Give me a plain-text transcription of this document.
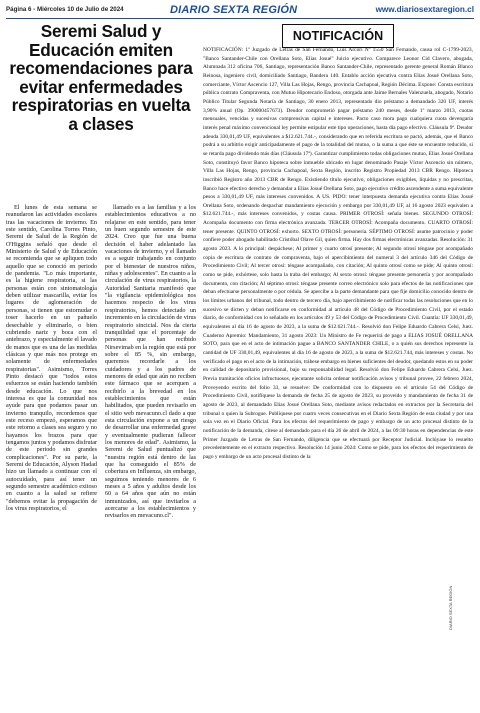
Página 6 - Miércoles 10 de Julio de 2024	DIARIO SEXTA REGIÓN	www.diariosextaregion.cl
Seremi Salud y Educación emiten recomendaciones para evitar enfermedades respiratorias en vuelta a clases

El lunes de esta semana se reanudaron las actividades escolares tras las vacaciones de invierno. En este sentido, Carolina Torres Pinto, Seremi de Salud de la Región de O'Higgins señaló que desde el Ministerio de Salud y de Educación se recomienda que se apliquen todo aquello que se conoció en periodo de pandemia. "Lo más importante, es la higiene respiratoria, si las personas están con sintomatología deben utilizar mascarilla, evitar los lugares de aglomeración de personas, si tienen que estornudar o toser hacerlo en un pañuelo desechable y eliminarlo, o bien cubriendo nariz y boca con el antebrazo, y especialmente el lavado de manos que es una de las medidas clásicas y que más nos protege en solamente de enfermedades respiratorias". Asimismo, Torres Pinto destacó que "todos estos esfuerzos se están haciendo también desde educación. Lo que nos interesa es que la comunidad nos ayude para que podamos pasar un invierno tranquilo, recordemos que este receso empezó, esperamos que este retorno a clases sea seguro y no hayamos los brazos para que tengamos juntos y podamos disfrutar de este periodo sin grandes complicaciones". Por su parte, la Seremi de Educación, Alyson Hadad hizo un llamado a continuar con el autocuidado, para así tener un segundo semestre académico exitoso en cuanto a la salud se refiere "debemos evitar la propagación de los virus respiratorios, el

llamado es a las familias y a los establecimientos educativos a no relajarse en este sentido, para tener un buen segundo semestre de este 2024. Creo que fue una buena decisión el haber adelantado las vacaciones de invierno, y el llamado es a seguir trabajando en conjunto por el bienestar de nuestros niños, niñas y adolescentes". En cuanto a la circulación de virus respiratorios, la Autoridad Sanitaria manifestó que "la vigilancia epidemiológica nos hacemos respecto de los virus respiratorios, hemos detectado un incremento en la circulación de virus respiratorio sincicial. Nos da cierta tranquilidad que el porcentaje de personas que han recibido Nirsevimab en la región que está por sobre el 85 %, sin embargo, queremos recordarle a los cuidadores y a los padres de menores de edad que aún no reciben este fármaco que se acerquen a recibirlo a la brevedad en los establecimientos que están habilitados, que pueden revisarlo en el sitio web mevacuno.cl dado a que esta circulación expone a un riesgo de desarrollar una enfermedad grave y eventualmente pudieran fallecer los menores de edad". Asimismo, la Seremi de Salud puntualizó que "nuestra región está dentro de las que ha conseguido el 85% de cobertura en Influenza, sin embargo, seguimos teniendo menores de 6 meses a 5 años y adultos desde los 60 a 64 años que aún no están inmunizados, así que invitarlos a acercarse a los establecimientos y revisarlos en mevacuno.cl".

NOTIFICACIÓN

NOTIFICACIÓN: 1º Juzgado de Letras de San Fernando, Luis Arcori Nº 1550 San Fernando, causa rol C-1799-2023, "Banco Santander-Chile con Orellana Soto, Elias Josué" Juicio ejecutivo. Comparece Leonor Cid Clavero, abogada, Alumnada 312 oficina 706, Santiago, representación Banco Santander-Chile, representado gerente general Román Blanco Reinosa, ingeniero civil, domiciliado Santiago, Bandera 140. Entablo acción ejecutiva contra Elias Josué Orellana Soto, comerciante, Víctor Ascencio 127, Villa Las Hojas, Rengo, provincia Cachapoal, Región Décima. Expone: Consta escritura pública contrato Compraventa, con Mutuo Hipotecario Endoso, otorgada ante Jaime Bernales Valenzuela, abogado, Notario Público Titular Segunda Notaría de Santiago, 30 enero 2013, representado dio préstamo a demandado 320 UF, interés 3,90% anual (Op. 390000457673). Deudor comprometió pagar préstamo 240 meses, desde 1º marzo 2013, cuotas mensuales, vencidas y sucesivas comprensivas capital e intereses. Pacto caso mora pago cualquiera cuota devengaría interés penal máximo convencional ley permite estipular este tipo operaciones, hasta día pago efectivo. Cláusula 9ª. Deudor adeuda 330,01,49 UF, equivalentes a $12.621.744.-, considerando que en referida escritura se pactó, además, que el Banco podrá a su arbitrio exigir anticipadamente el pago de la totalidad del mutuo, o la suma a que éste se encuentre reducido, si se retarda pago dividendo más días (Cláusula 17ª). Garantizar cumplimiento todas obligaciones mutuo, Elias Josué Orellana Soto, constituyó favor Banco hipoteca sobre inmueble ubicado en lugar denominado Pasaje Víctor Ascencio sin número, Villa Las Hojas, Rengo, provincia Cachapoal, Sexta Región, inscrito Registro Propiedad 2013 CBR Rengo. Hipoteca inscribió Registro año 2013 CBR de Rengo. Existiendo título ejecutivo, obligaciones exigibles, líquidas y no prescritas, Banco hace efectivo derecho y demandar a Elias Josué Orellana Soto, pago ejecutivo crédito ascendente a suma equivalente pesos a 330,01,49 UF, más intereses convenidos. A US. PIDO: tener interpuesta demanda ejecutiva contra Elias Josué Orellana Soto, ordenando despachar mandamiento ejecución y embargo por 330,01,49 UF, al 16 agosto 2023 equivalen a $12.621.744.-, más intereses convenidos, y costas causa. PRIMER OTROSÍ: señala bienes. SEGUNDO OTROSÍ: Acompaña documento con firma electrónica avanzada. TERCER OTROSÍ: Acompaña documento. CUARTO OTROSÍ: tener presente. QUINTO OTROSÍ: exhorto. SEXTO OTROSÍ: personería. SÉPTIMO OTROSÍ: asume patrocinio y poder confiere poder abogado habilitado Cristóbal Olave Gil, quien firma. Hay dos firmas electrónicas avanzadas. Resolución: 31 agosto 2023. A lo principal: despáchese; Al primer y cuarto otrosí presente; Al segundo otrosí téngase por acompañado copia de escritura de contrato de compraventa, bajo el apercibimiento del numeral 3 del artículo 346 del Código de Procedimiento Civil; Al tercer otrosí: téngase acompañado, con citación; Al quinto otrosí como se pide; Al quinto otrosí: como se pide, exhórtese, solo hasta la traba del embargo; Al sexto otrosí: téngase presente personería y por acompañado documento, con citación; Al séptimo otrosí: téngase presente correo electrónico solo para efectos de las notificaciones que deban efectuarse personalmente o por cédula. Se apercibe a la parte demandante para que fije domicilio conocido dentro de los límites urbanos del tribunal, todo dentro de tercero día, bajo apercibimiento de notificar todas las resoluciones que en lo sucesivo se dicten y deban notificarse en conformidad al artículo 48 del Código de Procedimiento Civil, por el estado diario, de conformidad con lo señalado en los artículos 49 y 53 del Código de Procedimiento Civil. Cuantía: UF 330,01,49, equivalentes al día 16 de agosto de 2023, a la suma de $12.621.744.-. Resolvió don Felipe Eduardo Cabrera Celsi, Juez. Cuaderno Apremio: Mandamiento, 31 agosto 2023: Un Ministro de Fe requerirá de pago a ELIAS JOSUÉ ORELLANA SOTO, para que en el acto de intimación pague a BANCO SANTANDER CHILE, o a quién sus derechos represente la cantidad de UF 330,01,49, equivalentes al día 16 de agosto de 2023, a la suma de $12.621.744, más intereses y costas. No verificado el pago en el acto de la intimación, trábese embargo en bienes suficientes del deudor, quedando estos en su poder en calidad de depositario provisional, bajo su responsabilidad legal. Resolvió don Felipe Eduardo Cabrera Celsi, Juez. Previa tramitación oficios infructuosos, ejecutante solicita ordenar notificación avisos y tribunal provee, 22 febrero 2024, Proveyendo escrito del folio 33, se resuelve: De conformidad con lo dispuesto en el artículo 54 del Código de Procedimiento Civil, notifíquese la demanda de fecha 25 de agosto de 2023, su proveído y mandamiento de fecha 31 de agosto de 2023, al demandado Elias Josué Orellana Soto, mediante avisos redactados en extractos por la Secretaria del tribunal o quien la Subrogue. Publíquese por cuatro veces consecutivas en el Diario Sexta Región de esta ciudad y por una sola vez en el Diario Oficial. Para los efectos del requerimiento de pago y embargo de un acto procesal distinto de la notificación de la demanda, cítese al demandado para el día 26 de abril de 2024, a las 09:30 horas en dependencias de este Primer Juzgado de Letras de San Fernando, diligencia que se efectuará por Receptor Judicial. Inclúyase lo resuelto precedentemente en el extracto respectivo. Resolución 14 junio 2024: Como se pide, para los efectos del requerimiento de pago y embargo de un acto procesal distinto de la

DIARIO SEXTA REGIÓN
